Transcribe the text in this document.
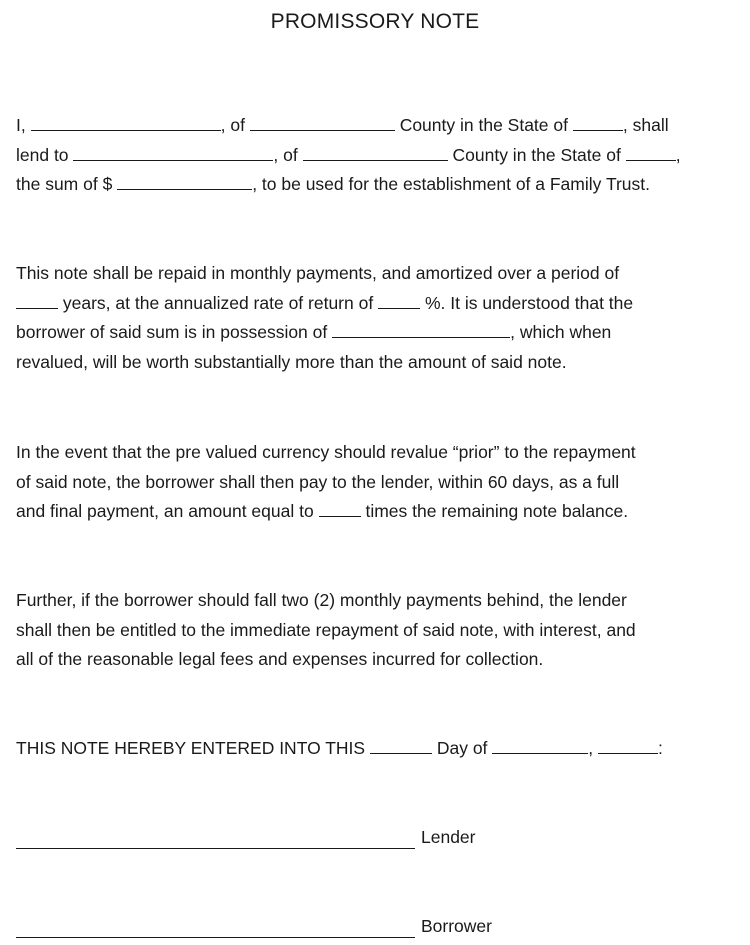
PROMISSORY NOTE
I,	, of	County in the State of	, shall
lend to	, of	County in the State of	,
the sum of $	, to be used for the establishment of a Family Trust.
This note shall be repaid in monthly payments, and amortized over a period of
years, at the annualized rate of return of	%. It is understood that the
borrower of said sum is in possession of	, which when
revalued, will be worth substantially more than the amount of said note.
In the event that the pre valued currency should revalue “prior” to the repayment
of said note, the borrower shall then pay to the lender, within 60 days, as a full
and final payment, an amount equal to	times the remaining note balance.
Further, if the borrower should fall two (2) monthly payments behind, the lender
shall then be entitled to the immediate repayment of said note, with interest, and
all of the reasonable legal fees and expenses incurred for collection.
THIS NOTE HEREBY ENTERED INTO THIS	Day of	,	:
Lender
Borrower
